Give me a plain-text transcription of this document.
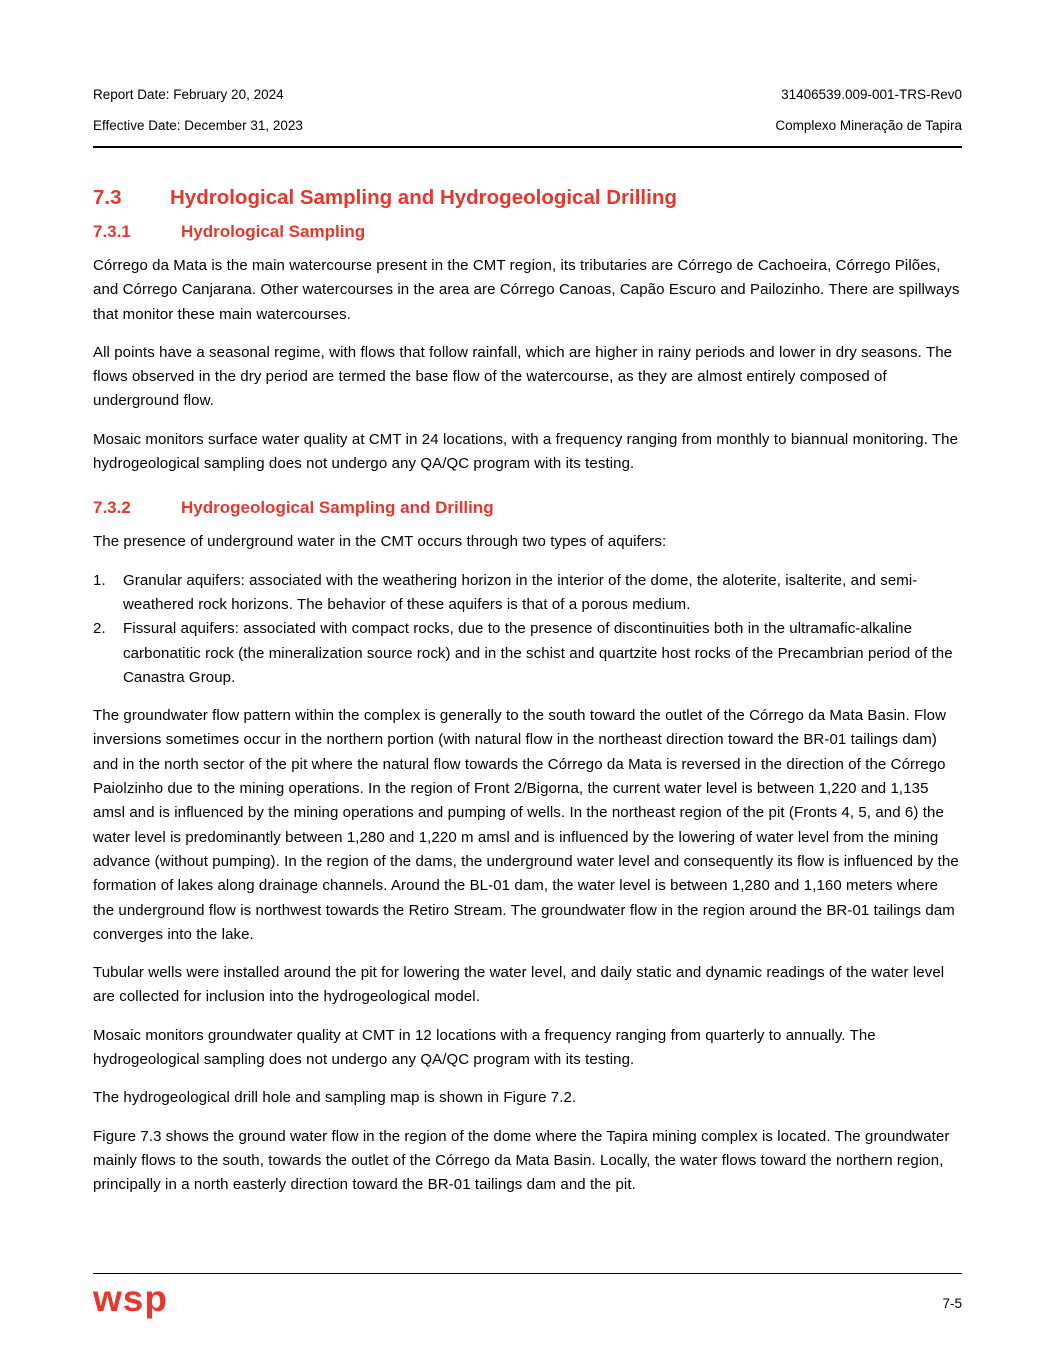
Report Date: February 20, 2024
Effective Date: December 31, 2023
31406539.009-001-TRS-Rev0
Complexo Mineração de Tapira
7.3	Hydrological Sampling and Hydrogeological Drilling
7.3.1	Hydrological Sampling

Córrego da Mata is the main watercourse present in the CMT region, its tributaries are Córrego de Cachoeira, Córrego Pilões, and Córrego Canjarana. Other watercourses in the area are Córrego Canoas, Capão Escuro and Pailozinho. There are spillways that monitor these main watercourses.

All points have a seasonal regime, with flows that follow rainfall, which are higher in rainy periods and lower in dry seasons. The flows observed in the dry period are termed the base flow of the watercourse, as they are almost entirely composed of underground flow.

Mosaic monitors surface water quality at CMT in 24 locations, with a frequency ranging from monthly to biannual monitoring. The hydrogeological sampling does not undergo any QA/QC program with its testing.

7.3.2	Hydrogeological Sampling and Drilling

The presence of underground water in the CMT occurs through two types of aquifers:

1.	Granular aquifers: associated with the weathering horizon in the interior of the dome, the aloterite, isalterite, and semi-weathered rock horizons. The behavior of these aquifers is that of a porous medium.
2.	Fissural aquifers: associated with compact rocks, due to the presence of discontinuities both in the ultramafic-alkaline carbonatitic rock (the mineralization source rock) and in the schist and quartzite host rocks of the Precambrian period of the Canastra Group.

The groundwater flow pattern within the complex is generally to the south toward the outlet of the Córrego da Mata Basin. Flow inversions sometimes occur in the northern portion (with natural flow in the northeast direction toward the BR-01 tailings dam) and in the north sector of the pit where the natural flow towards the Córrego da Mata is reversed in the direction of the Córrego Paiolzinho due to the mining operations. In the region of Front 2/Bigorna, the current water level is between 1,220 and 1,135 amsl and is influenced by the mining operations and pumping of wells. In the northeast region of the pit (Fronts 4, 5, and 6) the water level is predominantly between 1,280 and 1,220 m amsl and is influenced by the lowering of water level from the mining advance (without pumping). In the region of the dams, the underground water level and consequently its flow is influenced by the formation of lakes along drainage channels. Around the BL-01 dam, the water level is between 1,280 and 1,160 meters where the underground flow is northwest towards the Retiro Stream. The groundwater flow in the region around the BR-01 tailings dam converges into the lake.

Tubular wells were installed around the pit for lowering the water level, and daily static and dynamic readings of the water level are collected for inclusion into the hydrogeological model.

Mosaic monitors groundwater quality at CMT in 12 locations with a frequency ranging from quarterly to annually. The hydrogeological sampling does not undergo any QA/QC program with its testing.

The hydrogeological drill hole and sampling map is shown in Figure 7.2.

Figure 7.3 shows the ground water flow in the region of the dome where the Tapira mining complex is located. The groundwater mainly flows to the south, towards the outlet of the Córrego da Mata Basin. Locally, the water flows toward the northern region, principally in a north easterly direction toward the BR-01 tailings dam and the pit.

wsp	7-5
